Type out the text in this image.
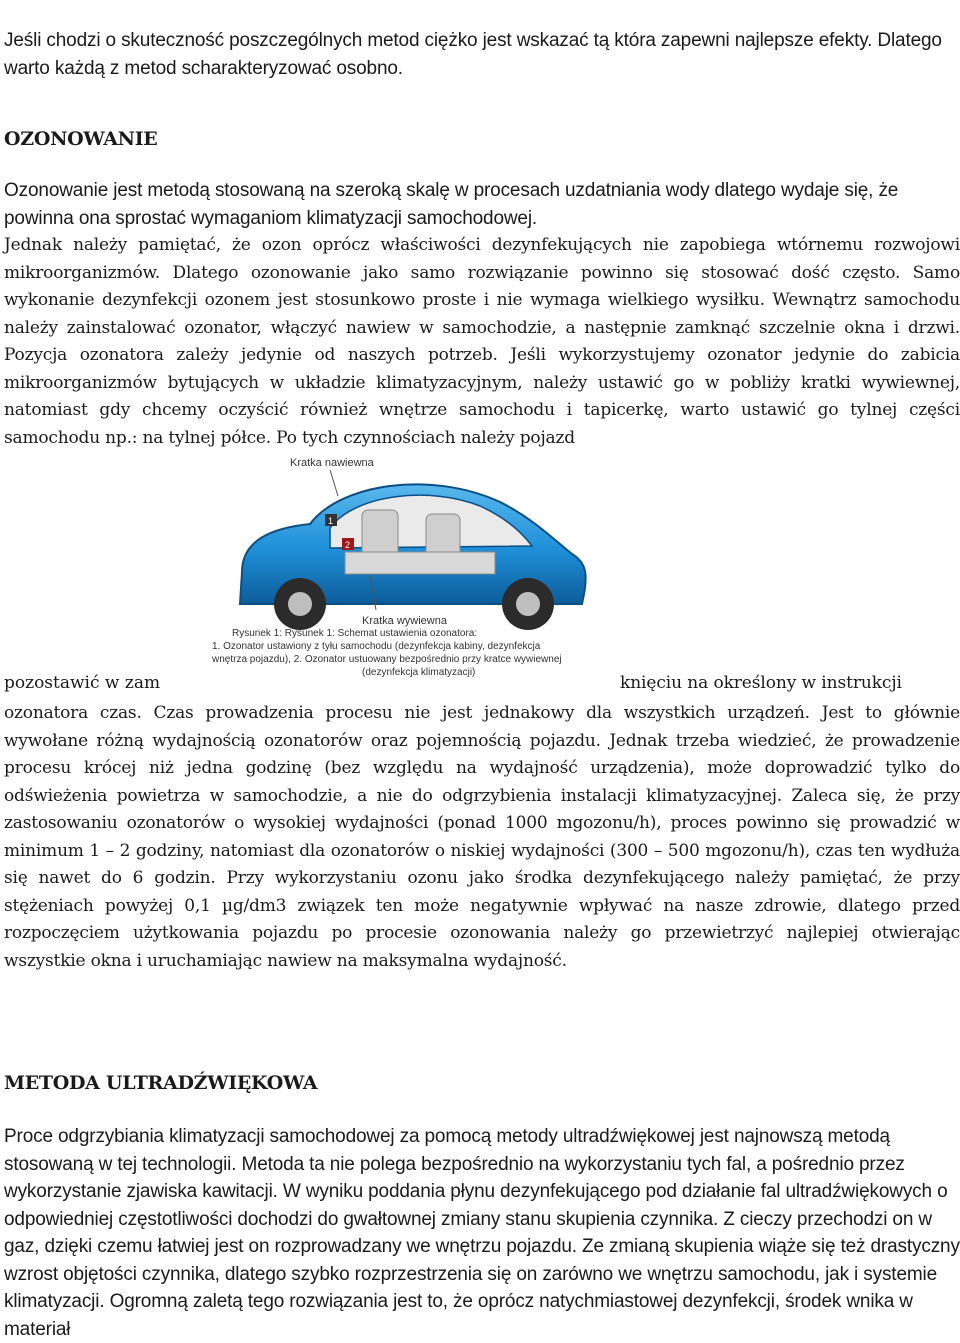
Jeśli chodzi o skuteczność poszczególnych metod ciężko jest wskazać tą która zapewni najlepsze efekty. Dlatego warto każdą z metod scharakteryzować osobno.

OZONOWANIE

Ozonowanie jest metodą stosowaną na szeroką skalę w procesach uzdatniania wody dlatego wydaje się, że powinna ona sprostać wymaganiom klimatyzacji samochodowej.

Jednak należy pamiętać, że ozon oprócz właściwości dezynfekujących nie zapobiega wtórnemu rozwojowi mikroorganizmów. Dlatego ozonowanie jako samo rozwiązanie powinno się stosować dość często. Samo wykonanie dezynfekcji ozonem jest stosunkowo proste i nie wymaga wielkiego wysiłku. Wewnątrz samochodu należy zainstalować ozonator, włączyć nawiew w samochodzie, a następnie zamknąć szczelnie okna i drzwi. Pozycja ozonatora zależy jedynie od naszych potrzeb. Jeśli wykorzystujemy ozonator jedynie do zabicia mikroorganizmów bytujących w układzie klimatyzacyjnym, należy ustawić go w pobliży kratki wywiewnej, natomiast gdy chcemy oczyścić również wnętrze samochodu i tapicerkę, warto ustawić go tylnej części samochodu np.: na tylnej półce. Po tych czynnościach należy pojazd

Kratka nawiewna
1
2
Kratka wywiewna
Rysunek 1: Rysunek 1: Schemat ustawienia ozonatora:
1. Ozonator ustawiony z tyłu samochodu (dezynfekcja kabiny, dezynfekcja
wnętrza pojazdu), 2. Ozonator ustuowany bezpośrednio przy kratce wywiewnej
(dezynfekcja klimatyzacji)
pozostawić w zam	knięciu na określony w instrukcji

ozonatora czas. Czas prowadzenia procesu nie jest jednakowy dla wszystkich urządzeń. Jest to głównie wywołane różną wydajnością ozonatorów oraz pojemnością pojazdu. Jednak trzeba wiedzieć, że prowadzenie procesu krócej niż jedna godzinę (bez względu na wydajność urządzenia), może doprowadzić tylko do odświeżenia powietrza w samochodzie, a nie do odgrzybienia instalacji klimatyzacyjnej. Zaleca się, że przy zastosowaniu ozonatorów o wysokiej wydajności (ponad 1000 mgozonu/h), proces powinno się prowadzić w minimum 1 – 2 godziny, natomiast dla ozonatorów o niskiej wydajności (300 – 500 mgozonu/h), czas ten wydłuża się nawet do 6 godzin. Przy wykorzystaniu ozonu jako środka dezynfekującego należy pamiętać, że przy stężeniach powyżej 0,1 µg/dm3 związek ten może negatywnie wpływać na nasze zdrowie, dlatego przed rozpoczęciem użytkowania pojazdu po procesie ozonowania należy go przewietrzyć najlepiej otwierając wszystkie okna i uruchamiając nawiew na maksymalna wydajność.

METODA ULTRADŹWIĘKOWA

Proce odgrzybiania klimatyzacji samochodowej za pomocą metody ultradźwiękowej jest najnowszą metodą stosowaną w tej technologii. Metoda ta nie polega bezpośrednio na wykorzystaniu tych fal, a pośrednio przez wykorzystanie zjawiska kawitacji. W wyniku poddania płynu dezynfekującego pod działanie fal ultradźwiękowych o odpowiedniej częstotliwości dochodzi do gwałtownej zmiany stanu skupienia czynnika. Z cieczy przechodzi on w gaz, dzięki czemu łatwiej jest on rozprowadzany we wnętrzu pojazdu. Ze zmianą skupienia wiąże się też drastyczny wzrost objętości czynnika, dlatego szybko rozprzestrzenia się on zarówno we wnętrzu samochodu, jak i systemie klimatyzacji. Ogromną zaletą tego rozwiązania jest to, że oprócz natychmiastowej dezynfekcji, środek wnika w materiał
